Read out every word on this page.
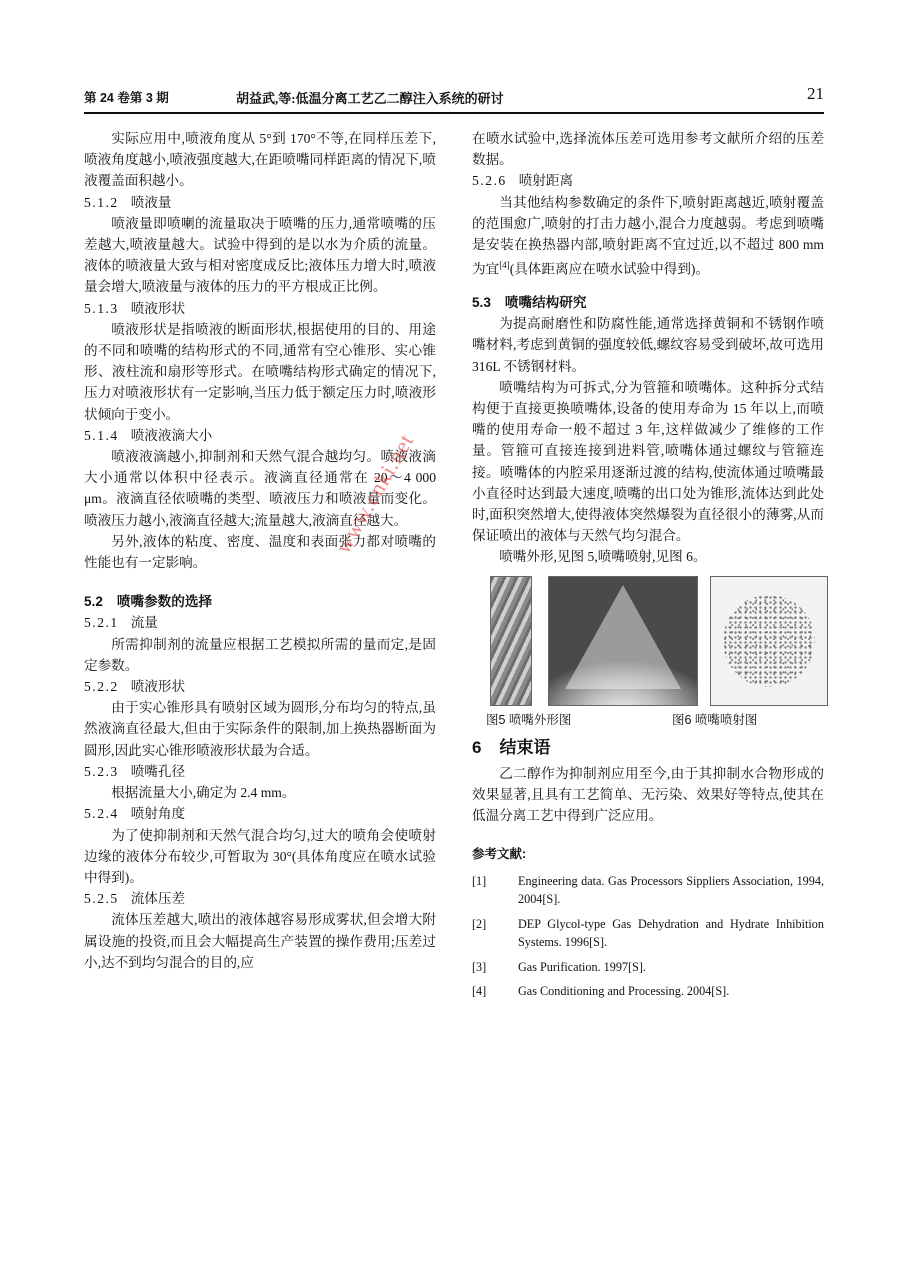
第 24 卷第 3 期	胡益武,等:低温分离工艺乙二醇注入系统的研讨	21

实际应用中,喷液角度从 5°到 170°不等,在同样压差下,喷液角度越小,喷液强度越大,在距喷嘴同样距离的情况下,喷液覆盖面积越小。

5.1.2 喷液量

喷液量即喷喇的流量取决于喷嘴的压力,通常喷嘴的压差越大,喷液量越大。试验中得到的是以水为介质的流量。液体的喷液量大致与相对密度成反比;液体压力增大时,喷液量会增大,喷液量与液体的压力的平方根成正比例。

5.1.3 喷液形状

喷液形状是指喷液的断面形状,根据使用的目的、用途的不同和喷嘴的结构形式的不同,通常有空心锥形、实心锥形、液柱流和扇形等形式。在喷嘴结构形式确定的情况下,压力对喷液形状有一定影响,当压力低于额定压力时,喷液形状倾向于变小。

5.1.4 喷液液滴大小

喷液液滴越小,抑制剂和天然气混合越均匀。喷液液滴大小通常以体积中径表示。液滴直径通常在 20～4 000 μm。液滴直径依喷嘴的类型、喷液压力和喷液量而变化。喷液压力越小,液滴直径越大;流量越大,液滴直径越大。

另外,液体的粘度、密度、温度和表面张力都对喷嘴的性能也有一定影响。

5.2 喷嘴参数的选择
5.2.1 流量

所需抑制剂的流量应根据工艺模拟所需的量而定,是固定参数。

5.2.2 喷液形状

由于实心锥形具有喷射区域为圆形,分布均匀的特点,虽然液滴直径最大,但由于实际条件的限制,加上换热器断面为圆形,因此实心锥形喷液形状最为合适。

5.2.3 喷嘴孔径

根据流量大小,确定为 2.4 mm。

5.2.4 喷射角度

为了使抑制剂和天然气混合均匀,过大的喷角会使喷射边缘的液体分布较少,可暂取为 30°(具体角度应在喷水试验中得到)。

5.2.5 流体压差

流体压差越大,喷出的液体越容易形成雾状,但会增大附属设施的投资,而且会大幅提高生产装置的操作费用;压差过小,达不到均匀混合的目的,应

在喷水试验中,选择流体压差可选用参考文献所介绍的压差数据。

5.2.6 喷射距离

当其他结构参数确定的条件下,喷射距离越近,喷射覆盖的范围愈广,喷射的打击力越小,混合力度越弱。考虑到喷嘴是安装在换热器内部,喷射距离不宜过近,以不超过 800 mm 为宜[4](具体距离应在喷水试验中得到)。

5.3 喷嘴结构研究

为提高耐磨性和防腐性能,通常选择黄铜和不锈钢作喷嘴材料,考虑到黄铜的强度较低,螺纹容易受到破坏,故可选用 316L 不锈钢材料。

喷嘴结构为可拆式,分为管箍和喷嘴体。这种拆分式结构便于直接更换喷嘴体,设备的使用寿命为 15 年以上,而喷嘴的使用寿命一般不超过 3 年,这样做减少了维修的工作量。管箍可直接连接到进料管,喷嘴体通过螺纹与管箍连接。喷嘴体的内腔采用逐渐过渡的结构,使流体通过喷嘴最小直径时达到最大速度,喷嘴的出口处为锥形,流体达到此处时,面积突然增大,使得液体突然爆裂为直径很小的薄雾,从而保证喷出的液体与天然气均匀混合。

喷嘴外形,见图 5,喷嘴喷射,见图 6。

图5 喷嘴外形图	图6 喷嘴喷射图
6 结束语

乙二醇作为抑制剂应用至今,由于其抑制水合物形成的效果显著,且具有工艺简单、无污染、效果好等特点,使其在低温分离工艺中得到广泛应用。

参考文献:
[1]	Engineering data. Gas Processors Sippliers Association, 1994, 2004[S].
[2]	DEP Glycol-type Gas Dehydration and Hydrate Inhibition Systems. 1996[S].
[3]	Gas Purification. 1997[S].
[4]	Gas Conditioning and Processing. 2004[S].
www.cnki.net
